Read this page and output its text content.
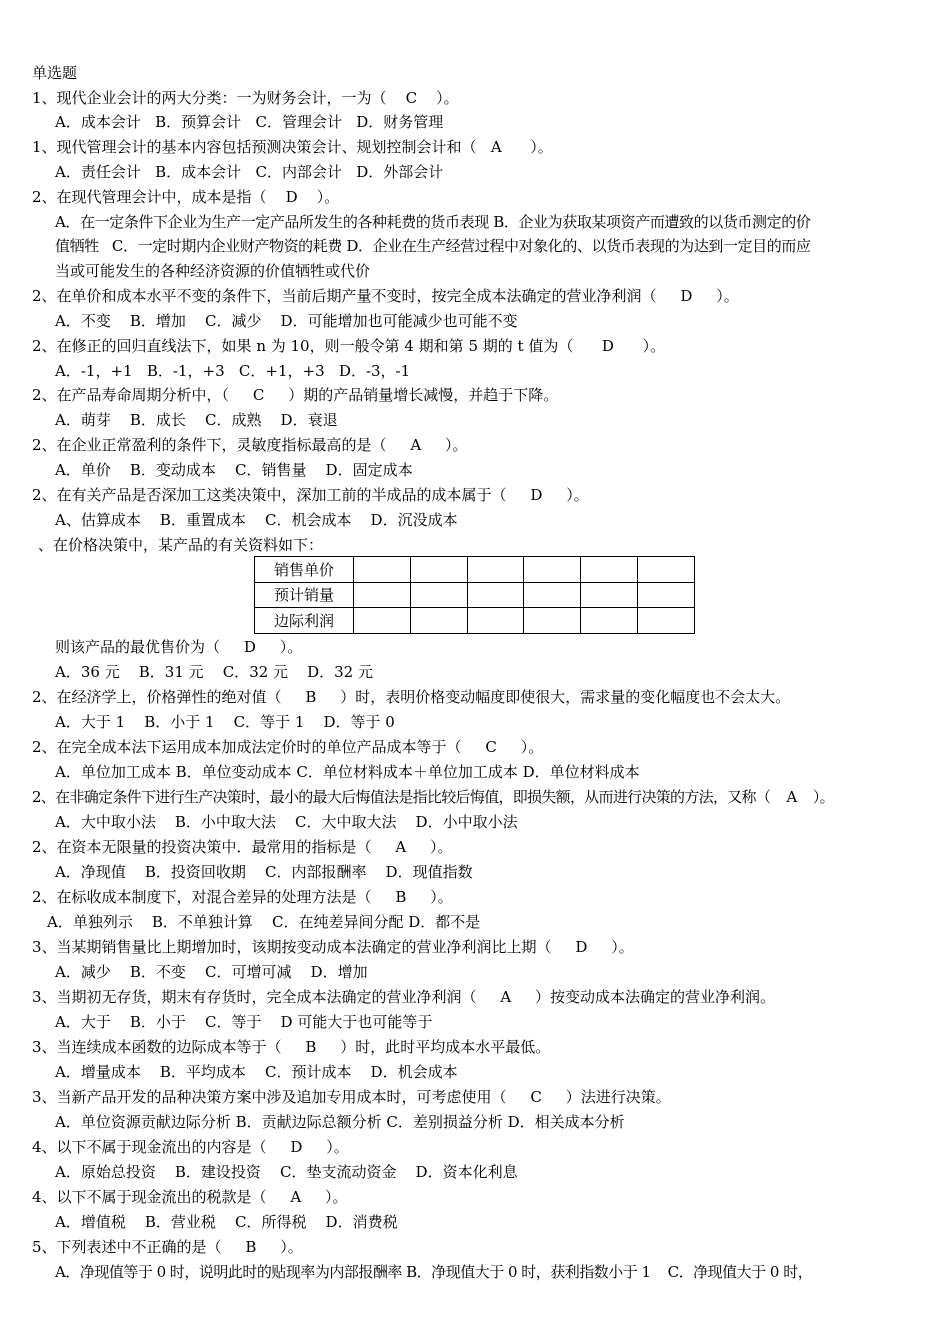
单选题
1、现代企业会计的两大分类：一为财务会计，一为（    C    ）。
A．成本会计   B．预算会计   C．管理会计   D．财务管理
1、现代管理会计的基本内容包括预测决策会计、规划控制会计和（   A      ）。
A．责任会计   B．成本会计   C．内部会计   D．外部会计
2、在现代管理会计中，成本是指（    D    ）。
A．在一定条件下企业为生产一定产品所发生的各种耗费的货币表现 B．企业为获取某项资产而遭致的以货币测定的价
值牺牲   C．一定时期内企业财产物资的耗费 D．企业在生产经营过程中对象化的、以货币表现的为达到一定目的而应
当或可能发生的各种经济资源的价值牺牲或代价
2、在单价和成本水平不变的条件下，当前后期产量不变时，按完全成本法确定的营业净利润（     D     ）。
A．不变    B．增加    C．减少    D．可能增加也可能减少也可能不变
2、在修正的回归直线法下，如果 n 为 10，则一般令第 4 期和第 5 期的 t 值为（      D      ）。
A．-1，+1   B．-1，+3   C．+1，+3   D．-3，-1
2、在产品寿命周期分析中，（     C     ）期的产品销量增长减慢，并趋于下降。
A．萌芽    B．成长    C．成熟    D．衰退
2、在企业正常盈利的条件下，灵敏度指标最高的是（     A     ）。
A．单价    B．变动成本    C．销售量    D．固定成本
2、在有关产品是否深加工这类决策中，深加工前的半成品的成本属于（     D     ）。
A、估算成本    B．重置成本    C．机会成本    D．沉没成本
、在价格决策中，某产品的有关资料如下：
销售单价						
预计销量						
边际利润						
则该产品的最优售价为（     D     ）。
A．36 元    B．31 元    C．32 元    D．32 元
2、在经济学上，价格弹性的绝对值（     B     ）时，表明价格变动幅度即使很大，需求量的变化幅度也不会太大。
A．大于 1    B．小于 1    C．等于 1    D．等于 0
2、在完全成本法下运用成本加成法定价时的单位产品成本等于（     C     ）。
A．单位加工成本 B．单位变动成本 C．单位材料成本＋单位加工成本 D．单位材料成本
2、在非确定条件下进行生产决策时，最小的最大后悔值法是指比较后悔值，即损失额，从而进行决策的方法，又称（    A    ）。
A．大中取小法    B．小中取大法    C．大中取大法    D．小中取小法
2、在资本无限量的投资决策中．最常用的指标是（     A     ）。
A．净现值    B．投资回收期    C．内部报酬率    D．现值指数
2、在标收成本制度下，对混合差异的处理方法是（     B     ）。
A．单独列示    B．不单独计算    C．在纯差异间分配 D．都不是
3、当某期销售量比上期增加时，该期按变动成本法确定的营业净利润比上期（     D     ）。
A．减少    B．不变    C．可增可减    D．增加
3、当期初无存货，期末有存货时，完全成本法确定的营业净利润（     A     ）按变动成本法确定的营业净利润。
A．大于    B．小于    C．等于    D 可能大于也可能等于
3、当连续成本函数的边际成本等于（     B     ）时，此时平均成本水平最低。
A．增量成本    B．平均成本    C．预计成本    D．机会成本
3、当新产品开发的品种决策方案中涉及追加专用成本时，可考虑使用（     C     ）法进行决策。
A．单位资源贡献边际分析 B．贡献边际总额分析 C．差别损益分析 D．相关成本分析
4、以下不属于现金流出的内容是（     D     ）。
A．原始总投资    B．建设投资    C．垫支流动资金    D．资本化利息
4、以下不属于现金流出的税款是（     A     ）。
A．增值税    B．营业税    C．所得税    D．消费税
5、下列表述中不正确的是（     B     ）。
A．净现值等于 0 时，说明此时的贴现率为内部报酬率 B．净现值大于 0 时，获利指数小于 1    C．净现值大于 0 时，
